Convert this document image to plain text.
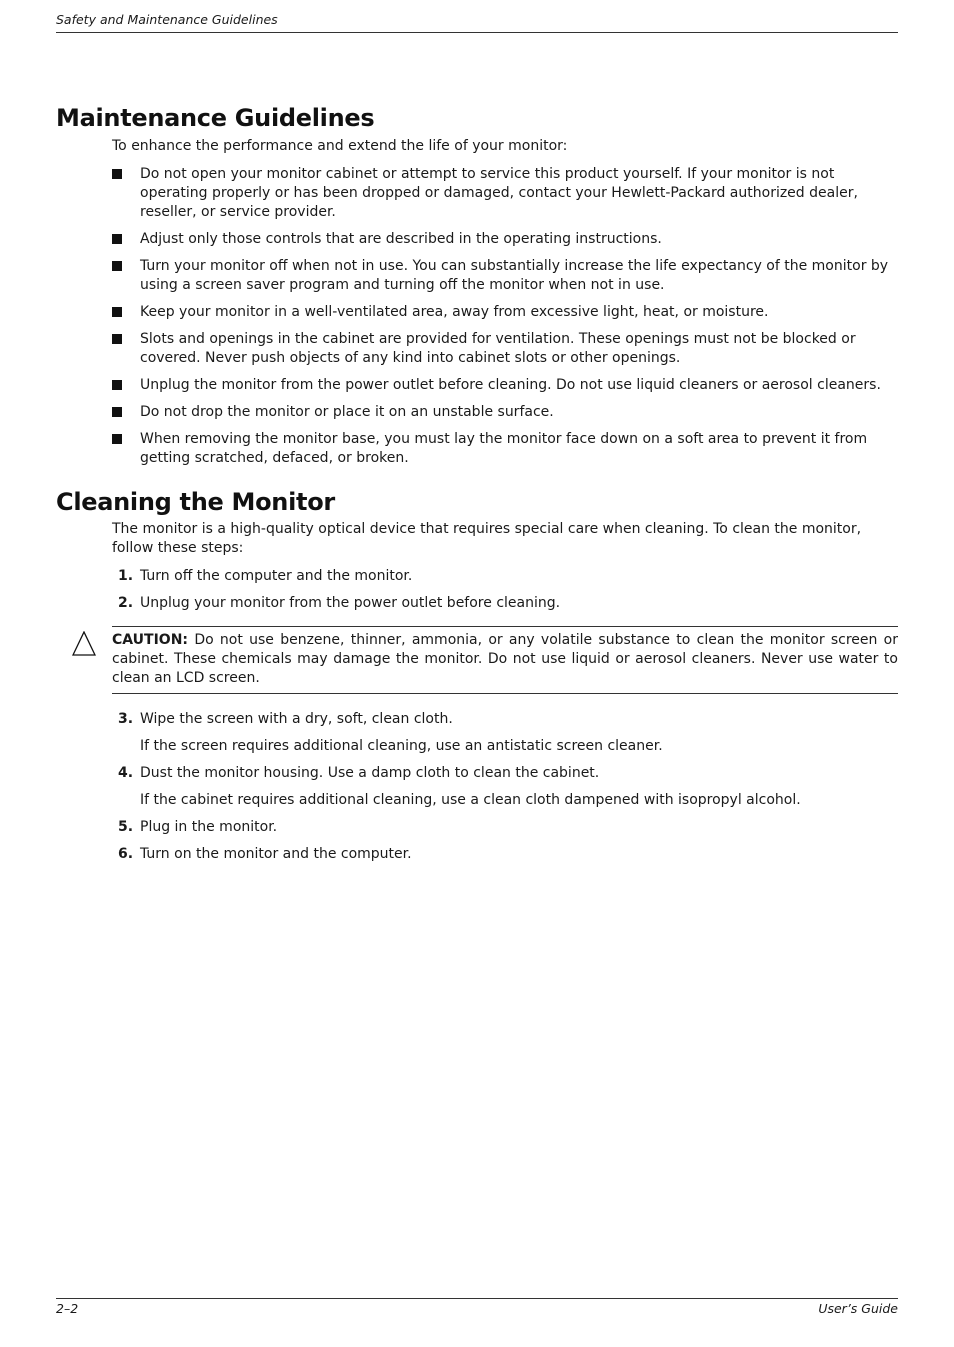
Safety and Maintenance Guidelines
Maintenance Guidelines

To enhance the performance and extend the life of your monitor:

Do not open your monitor cabinet or attempt to service this product yourself. If your monitor is not operating properly or has been dropped or damaged, contact your Hewlett-Packard authorized dealer, reseller, or service provider.
Adjust only those controls that are described in the operating instructions.
Turn your monitor off when not in use. You can substantially increase the life expectancy of the monitor by using a screen saver program and turning off the monitor when not in use.
Keep your monitor in a well-ventilated area, away from excessive light, heat, or moisture.
Slots and openings in the cabinet are provided for ventilation. These openings must not be blocked or covered. Never push objects of any kind into cabinet slots or other openings.
Unplug the monitor from the power outlet before cleaning. Do not use liquid cleaners or aerosol cleaners.
Do not drop the monitor or place it on an unstable surface.
When removing the monitor base, you must lay the monitor face down on a soft area to prevent it from getting scratched, defaced, or broken.
Cleaning the Monitor

The monitor is a high-quality optical device that requires special care when cleaning. To clean the monitor, follow these steps:

1. Turn off the computer and the monitor.
2. Unplug your monitor from the power outlet before cleaning.
CAUTION: Do not use benzene, thinner, ammonia, or any volatile substance to clean the monitor screen or cabinet. These chemicals may damage the monitor. Do not use liquid or aerosol cleaners. Never use water to clean an LCD screen.
3. Wipe the screen with a dry, soft, clean cloth.
If the screen requires additional cleaning, use an antistatic screen cleaner.
4. Dust the monitor housing. Use a damp cloth to clean the cabinet.
If the cabinet requires additional cleaning, use a clean cloth dampened with isopropyl alcohol.
5. Plug in the monitor.
6. Turn on the monitor and the computer.
2–2	User’s Guide
